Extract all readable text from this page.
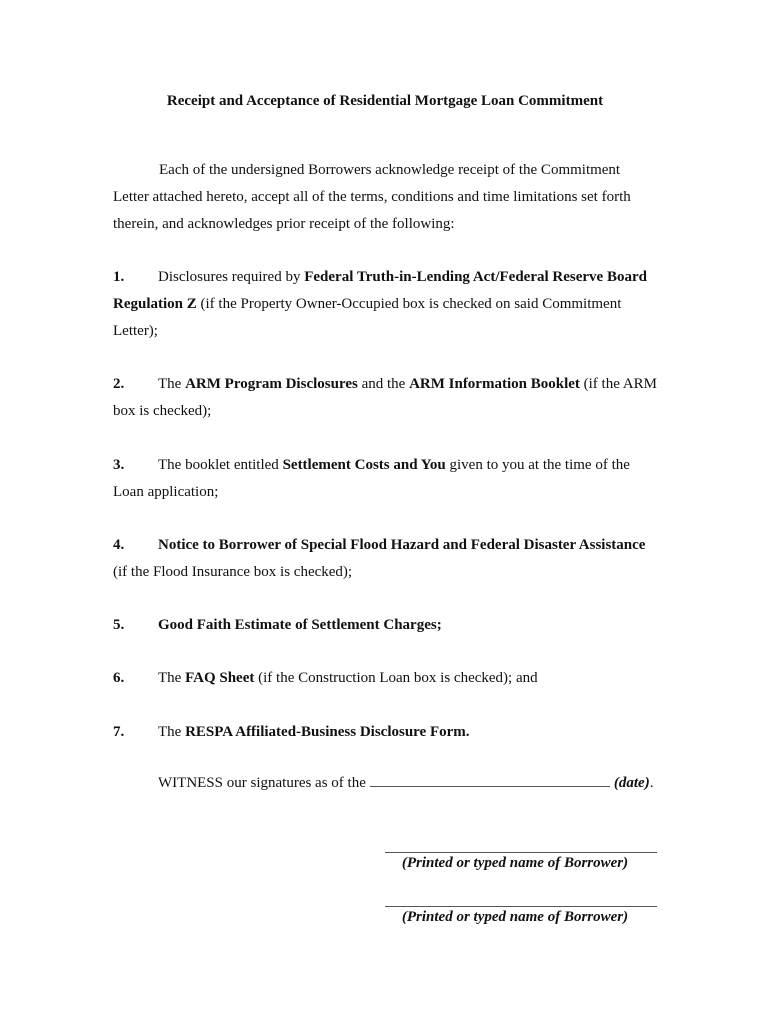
Receipt and Acceptance of Residential Mortgage Loan Commitment

Each of the undersigned Borrowers acknowledge receipt of the Commitment Letter attached hereto, accept all of the terms, conditions and time limitations set forth therein, and acknowledges prior receipt of the following:

1. Disclosures required by Federal Truth-in-Lending Act/Federal Reserve Board Regulation Z (if the Property Owner-Occupied box is checked on said Commitment Letter);

2. The ARM Program Disclosures and the ARM Information Booklet (if the ARM box is checked);

3. The booklet entitled Settlement Costs and You given to you at the time of the Loan application;

4. Notice to Borrower of Special Flood Hazard and Federal Disaster Assistance (if the Flood Insurance box is checked);

5. Good Faith Estimate of Settlement Charges;

6. The FAQ Sheet (if the Construction Loan box is checked); and

7. The RESPA Affiliated-Business Disclosure Form.

WITNESS our signatures as of the	(date).
(Printed or typed name of Borrower)
(Printed or typed name of Borrower)
